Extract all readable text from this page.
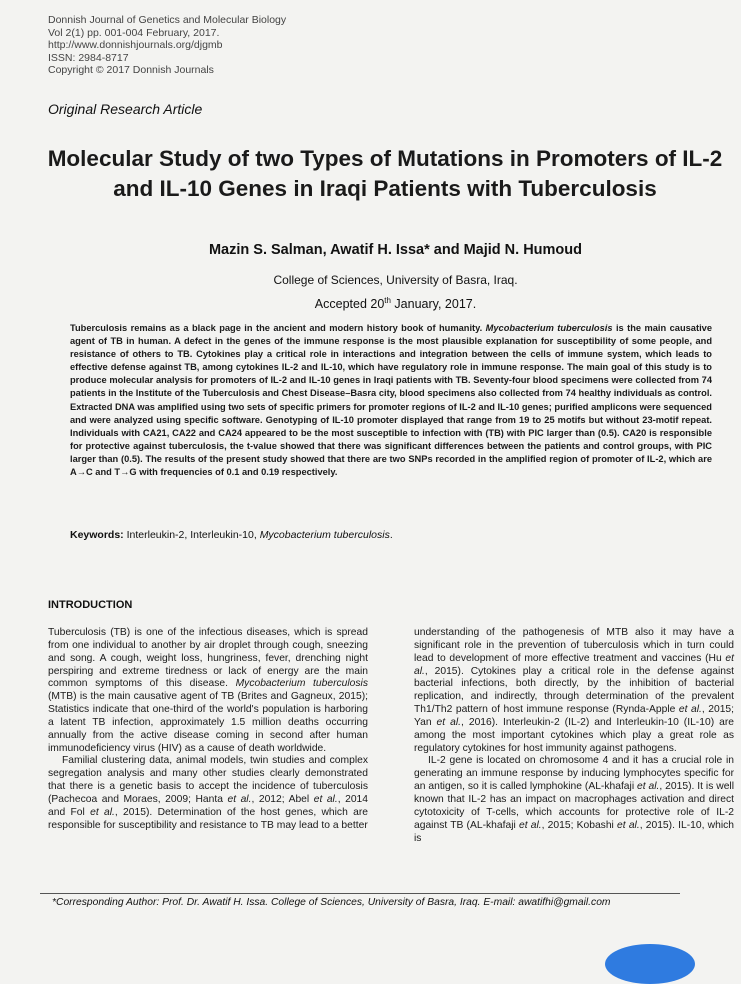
Donnish Journal of Genetics and Molecular Biology
Vol 2(1) pp. 001-004 February, 2017.
http://www.donnishjournals.org/djgmb
ISSN: 2984-8717
Copyright © 2017 Donnish Journals
Original Research Article
Molecular Study of two Types of Mutations in Promoters of IL-2 and IL-10 Genes in Iraqi Patients with Tuberculosis
Mazin S. Salman, Awatif H. Issa* and Majid N. Humoud
College of Sciences, University of Basra, Iraq.
Accepted 20th January, 2017.
Tuberculosis remains as a black page in the ancient and modern history book of humanity. Mycobacterium tuberculosis is the main causative agent of TB in human. A defect in the genes of the immune response is the most plausible explanation for susceptibility of some people, and resistance of others to TB. Cytokines play a critical role in interactions and integration between the cells of immune system, which leads to effective defense against TB, among cytokines IL-2 and IL-10, which have regulatory role in immune response. The main goal of this study is to produce molecular analysis for promoters of IL-2 and IL-10 genes in Iraqi patients with TB. Seventy-four blood specimens were collected from 74 patients in the Institute of the Tuberculosis and Chest Disease–Basra city, blood specimens also collected from 74 healthy individuals as control. Extracted DNA was amplified using two sets of specific primers for promoter regions of IL-2 and IL-10 genes; purified amplicons were sequenced and were analyzed using specific software. Genotyping of IL-10 promoter displayed that range from 19 to 25 motifs but without 23-motif repeat. Individuals with CA21, CA22 and CA24 appeared to be the most susceptible to infection with (TB) with PIC larger than (0.5). CA20 is responsible for protective against tuberculosis, the t-value showed that there was significant differences between the patients and control groups, with PIC larger than (0.5). The results of the present study showed that there are two SNPs recorded in the amplified region of promoter of IL-2, which are A→C and T→G with frequencies of 0.1 and 0.19 respectively.
Keywords: Interleukin-2, Interleukin-10, Mycobacterium tuberculosis.
INTRODUCTION

Tuberculosis (TB) is one of the infectious diseases, which is spread from one individual to another by air droplet through cough, sneezing and song. A cough, weight loss, hungriness, fever, drenching night perspiring and extreme tiredness or lack of energy are the main common symptoms of this disease. Mycobacterium tuberculosis (MTB) is the main causative agent of TB (Brites and Gagneux, 2015); Statistics indicate that one-third of the world's population is harboring a latent TB infection, approximately 1.5 million deaths occurring annually from the active disease coming in second after human immunodeficiency virus (HIV) as a cause of death worldwide.

Familial clustering data, animal models, twin studies and complex segregation analysis and many other studies clearly demonstrated that there is a genetic basis to accept the incidence of tuberculosis (Pachecoa and Moraes, 2009; Hanta et al., 2012; Abel et al., 2014 and Fol et al., 2015). Determination of the host genes, which are responsible for susceptibility and resistance to TB may lead to a better

understanding of the pathogenesis of MTB also it may have a significant role in the prevention of tuberculosis which in turn could lead to development of more effective treatment and vaccines (Hu et al., 2015). Cytokines play a critical role in the defense against bacterial infections, both directly, by the inhibition of bacterial replication, and indirectly, through determination of the prevalent Th1/Th2 pattern of host immune response (Rynda-Apple et al., 2015; Yan et al., 2016). Interleukin-2 (IL-2) and Interleukin-10 (IL-10) are among the most important cytokines which play a great role as regulatory cytokines for host immunity against pathogens.

IL-2 gene is located on chromosome 4 and it has a crucial role in generating an immune response by inducing lymphocytes specific for an antigen, so it is called lymphokine (AL-khafaji et al., 2015). It is well known that IL-2 has an impact on macrophages activation and direct cytotoxicity of T-cells, which accounts for protective role of IL-2 against TB (AL-khafaji et al., 2015; Kobashi et al., 2015). IL-10, which is

*Corresponding Author: Prof. Dr. Awatif H. Issa. College of Sciences, University of Basra, Iraq. E-mail: awatifhi@gmail.com
